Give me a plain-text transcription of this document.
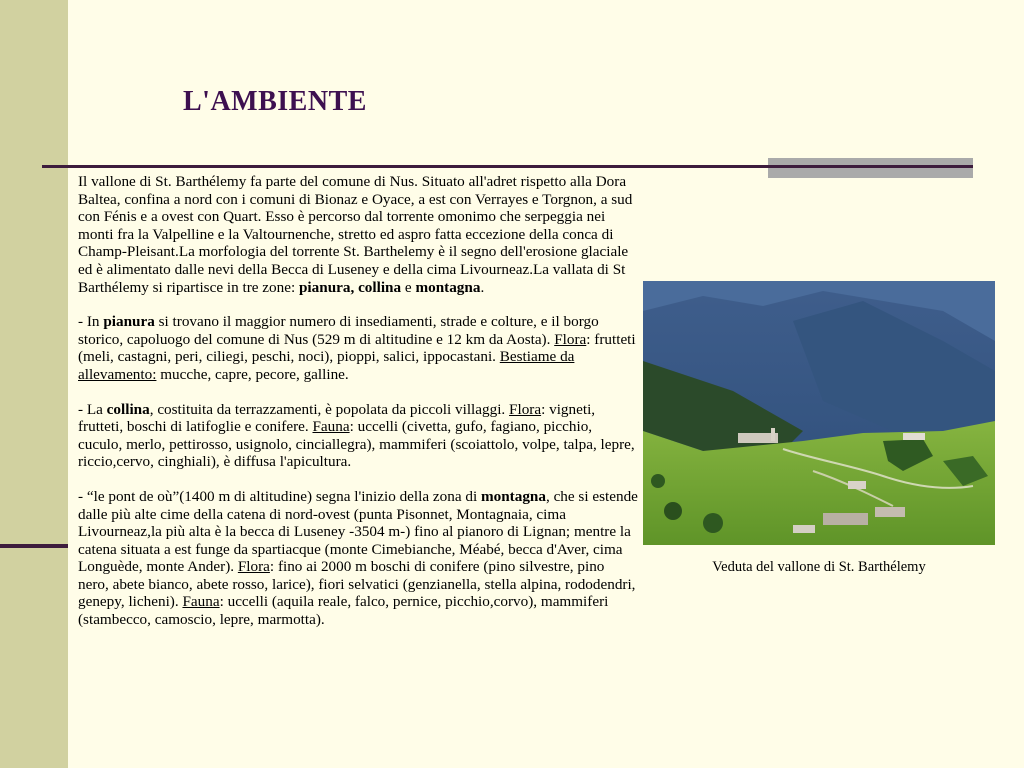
L'AMBIENTE

Il vallone di St. Barthélemy fa parte del comune di Nus. Situato all'adret rispetto alla Dora Baltea, confina a nord con i comuni di Bionaz e Oyace, a est con Verrayes e Torgnon, a sud con Fénis e a ovest con Quart. Esso è percorso dal torrente omonimo che serpeggia nei monti fra la Valpelline e la Valtournenche, stretto ed aspro fatta eccezione della conca di Champ-Pleisant.La morfologia del torrente St. Barthelemy è il segno dell'erosione glaciale ed è alimentato dalle nevi della Becca di Luseney e della cima Livourneaz.La vallata di St Barthélemy si ripartisce in tre zone: pianura, collina e montagna.

- In pianura si trovano il maggior numero di insediamenti, strade e colture, e il borgo storico, capoluogo del comune di Nus (529 m di altitudine e 12 km da Aosta). Flora: frutteti (meli, castagni, peri, ciliegi, peschi, noci), pioppi, salici, ippocastani. Bestiame da allevamento: mucche, capre, pecore, galline.

- La collina, costituita da terrazzamenti, è popolata da piccoli villaggi. Flora: vigneti, frutteti, boschi di latifoglie e conifere. Fauna: uccelli (civetta, gufo, fagiano, picchio, cuculo, merlo, pettirosso, usignolo, cinciallegra), mammiferi (scoiattolo, volpe, talpa, lepre, riccio,cervo, cinghiali), è diffusa l'apicultura.

- “le pont de où”(1400 m di altitudine) segna l'inizio della zona di montagna, che si estende dalle più alte cime della catena di nord-ovest (punta Pisonnet, Montagnaia, cima Livourneaz,la più alta è la becca di Luseney -3504 m-) fino al pianoro di Lignan; mentre la catena situata a est funge da spartiacque (monte Cimebianche, Méabé, becca d'Aver, cima Longuède, monte Ander). Flora: fino ai 2000 m boschi di conifere (pino silvestre, pino nero, abete bianco, abete rosso, larice), fiori selvatici (genzianella, stella alpina, rododendri, genepy, licheni). Fauna: uccelli (aquila reale, falco, pernice, picchio,corvo), mammiferi (stambecco, camoscio, lepre, marmotta).

Veduta del vallone di St. Barthélemy
